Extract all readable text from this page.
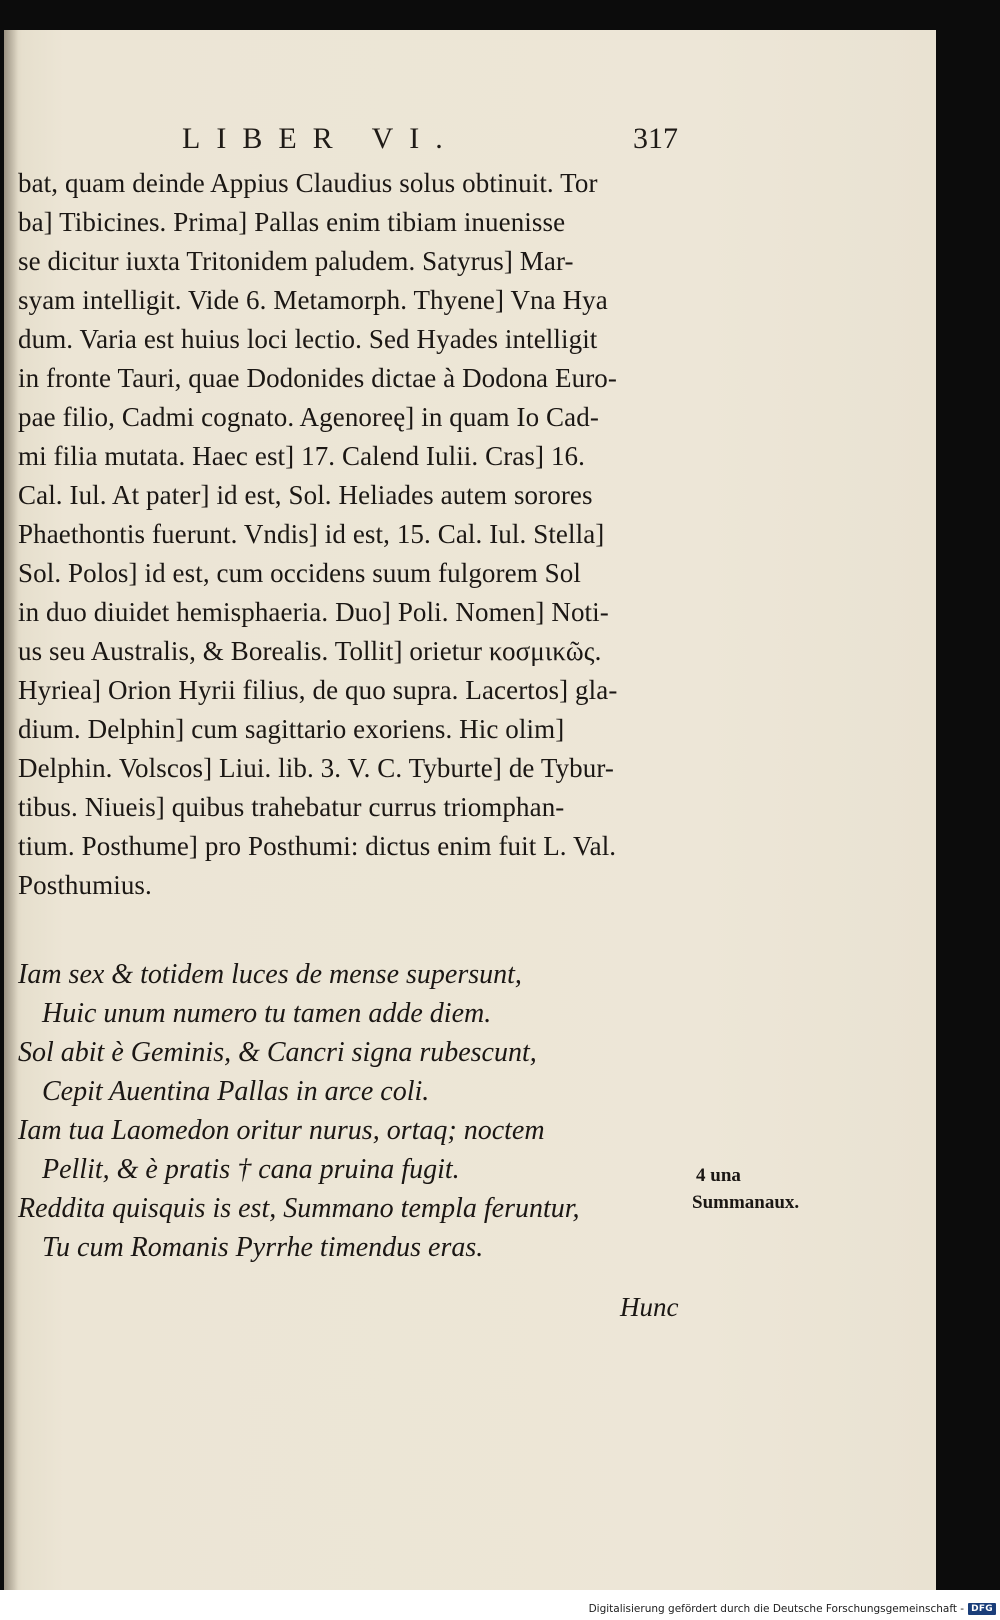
LIBER VI.	317
bat, quam deinde Appius Claudius solus obtinuit. Tor
ba] Tibicines. Prima] Pallas enim tibiam inuenisse
se dicitur iuxta Tritonidem paludem. Satyrus] Mar-
syam intelligit. Vide 6. Metamorph. Thyene] Vna Hya
dum. Varia est huius loci lectio. Sed Hyades intelligit
in fronte Tauri, quae Dodonides dictae à Dodona Euro-
pae filio, Cadmi cognato. Agenoreę] in quam Io Cad-
mi filia mutata. Haec est] 17. Calend Iulii. Cras] 16.
Cal. Iul. At pater] id est, Sol. Heliades autem sorores
Phaethontis fuerunt. Vndis] id est, 15. Cal. Iul. Stella]
Sol. Polos] id est, cum occidens suum fulgorem Sol
in duo diuidet hemisphaeria. Duo] Poli. Nomen] Noti-
us seu Australis, & Borealis. Tollit] orietur κοσμικῶς.
Hyriea] Orion Hyrii filius, de quo supra. Lacertos] gla-
dium. Delphin] cum sagittario exoriens. Hic olim]
Delphin. Volscos] Liui. lib. 3. V. C. Tyburte] de Tybur-
tibus. Niueis] quibus trahebatur currus triomphan-
tium. Posthume] pro Posthumi: dictus enim fuit L. Val.
Posthumius.
Iam sex & totidem luces de mense supersunt,
Huic unum numero tu tamen adde diem.
Sol abit è Geminis, & Cancri signa rubescunt,
Cepit Auentina Pallas in arce coli.
Iam tua Laomedon oritur nurus, ortaq; noctem
Pellit, & è pratis † cana pruina fugit.
Reddita quisquis is est, Summano templa feruntur,
Tu cum Romanis Pyrrhe timendus eras.
4 una
Summanaux.
Hunc
Digitalisierung gefördert durch die Deutsche Forschungsgemeinschaft - DFG
